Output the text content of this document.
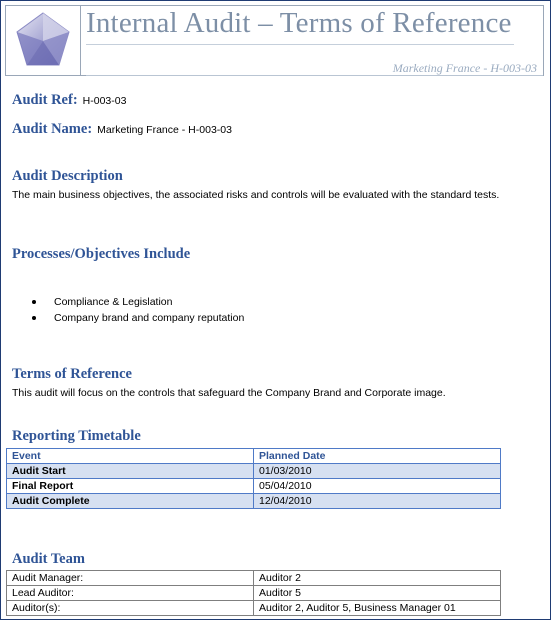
Internal Audit – Terms of Reference
Marketing France - H-003-03
Audit Ref: H-003-03
Audit Name: Marketing France - H-003-03
Audit Description
The main business objectives, the associated risks and controls will be evaluated with the standard tests.
Processes/Objectives Include
Compliance & Legislation
Company brand and company reputation
Terms of Reference
This audit will focus on the controls that safeguard the Company Brand and Corporate image.
Reporting Timetable
Event	Planned Date
Audit Start	01/03/2010
Final Report	05/04/2010
Audit Complete	12/04/2010
Audit Team
Audit Manager:	Auditor 2
Lead Auditor:	Auditor 5
Auditor(s):	Auditor 2, Auditor 5, Business Manager 01
